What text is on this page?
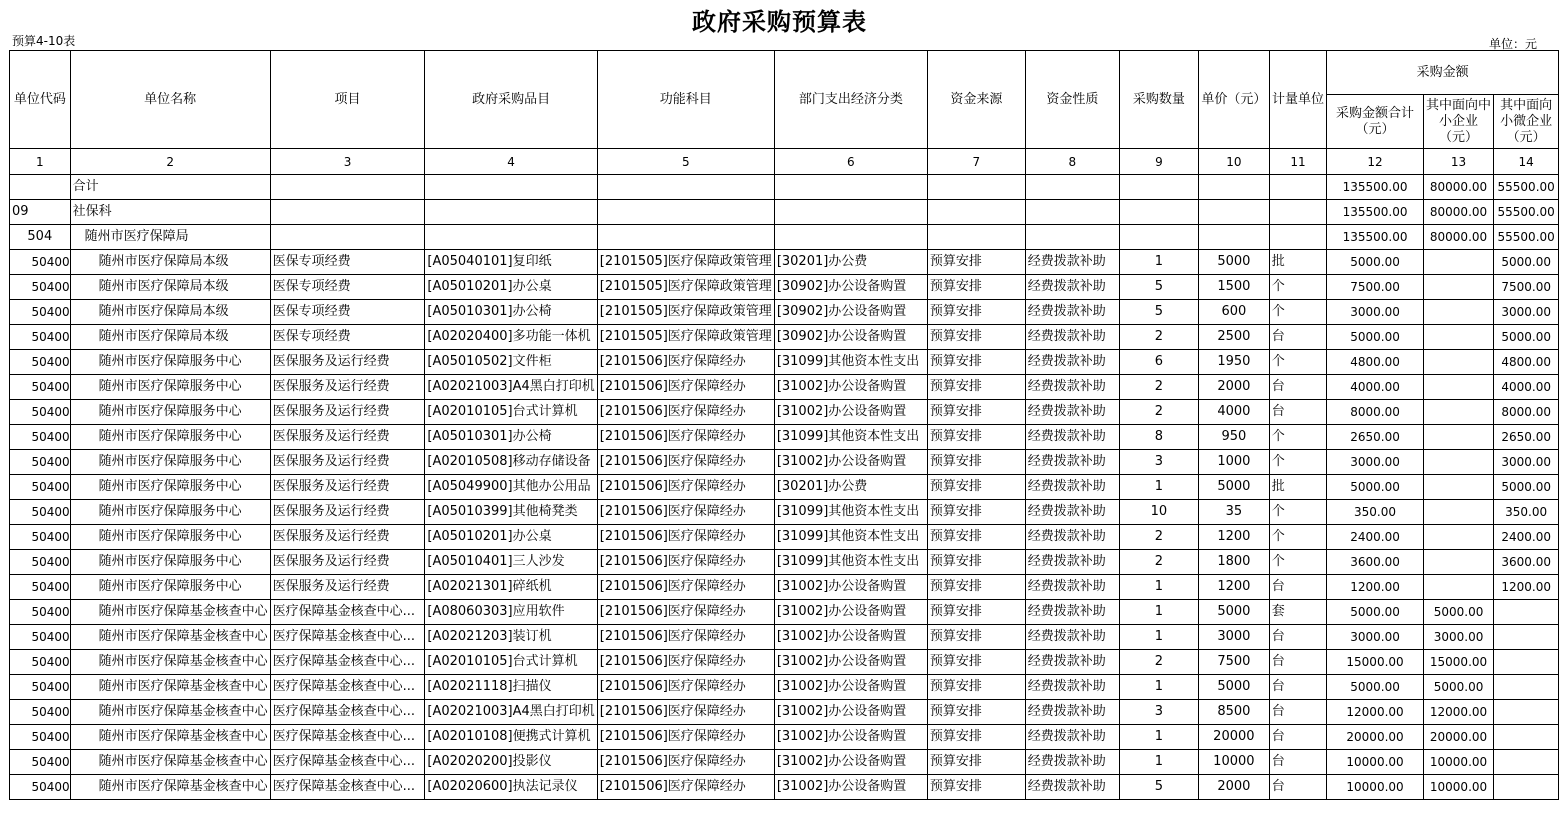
政府采购预算表
预算4-10表	单位：元
单位代码	单位名称	项目	政府采购品目	功能科目	部门支出经济分类	资金来源	资金性质	采购数量	单价（元）	计量单位	采购金额		
											采购金额合计（元）	其中面向中小企业（元）	其中面向小微企业（元）
1	2	3	4	5	6	7	8	9	10	11	12	13	14
	合计										135500.00	80000.00	55500.00
09	社保科										135500.00	80000.00	55500.00
504	随州市医疗保障局										135500.00	80000.00	55500.00
50400	随州市医疗保障局本级	医保专项经费	[A05040101]复印纸	[2101505]医疗保障政策管理	[30201]办公费	预算安排	经费拨款补助	1	5000	批	5000.00		5000.00
50400	随州市医疗保障局本级	医保专项经费	[A05010201]办公桌	[2101505]医疗保障政策管理	[30902]办公设备购置	预算安排	经费拨款补助	5	1500	个	7500.00		7500.00
50400	随州市医疗保障局本级	医保专项经费	[A05010301]办公椅	[2101505]医疗保障政策管理	[30902]办公设备购置	预算安排	经费拨款补助	5	600	个	3000.00		3000.00
50400	随州市医疗保障局本级	医保专项经费	[A02020400]多功能一体机	[2101505]医疗保障政策管理	[30902]办公设备购置	预算安排	经费拨款补助	2	2500	台	5000.00		5000.00
50400	随州市医疗保障服务中心	医保服务及运行经费	[A05010502]文件柜	[2101506]医疗保障经办	[31099]其他资本性支出	预算安排	经费拨款补助	6	1950	个	4800.00		4800.00
50400	随州市医疗保障服务中心	医保服务及运行经费	[A02021003]A4黑白打印机	[2101506]医疗保障经办	[31002]办公设备购置	预算安排	经费拨款补助	2	2000	台	4000.00		4000.00
50400	随州市医疗保障服务中心	医保服务及运行经费	[A02010105]台式计算机	[2101506]医疗保障经办	[31002]办公设备购置	预算安排	经费拨款补助	2	4000	台	8000.00		8000.00
50400	随州市医疗保障服务中心	医保服务及运行经费	[A05010301]办公椅	[2101506]医疗保障经办	[31099]其他资本性支出	预算安排	经费拨款补助	8	950	个	2650.00		2650.00
50400	随州市医疗保障服务中心	医保服务及运行经费	[A02010508]移动存储设备	[2101506]医疗保障经办	[31002]办公设备购置	预算安排	经费拨款补助	3	1000	个	3000.00		3000.00
50400	随州市医疗保障服务中心	医保服务及运行经费	[A05049900]其他办公用品	[2101506]医疗保障经办	[30201]办公费	预算安排	经费拨款补助	1	5000	批	5000.00		5000.00
50400	随州市医疗保障服务中心	医保服务及运行经费	[A05010399]其他椅凳类	[2101506]医疗保障经办	[31099]其他资本性支出	预算安排	经费拨款补助	10	35	个	350.00		350.00
50400	随州市医疗保障服务中心	医保服务及运行经费	[A05010201]办公桌	[2101506]医疗保障经办	[31099]其他资本性支出	预算安排	经费拨款补助	2	1200	个	2400.00		2400.00
50400	随州市医疗保障服务中心	医保服务及运行经费	[A05010401]三人沙发	[2101506]医疗保障经办	[31099]其他资本性支出	预算安排	经费拨款补助	2	1800	个	3600.00		3600.00
50400	随州市医疗保障服务中心	医保服务及运行经费	[A02021301]碎纸机	[2101506]医疗保障经办	[31002]办公设备购置	预算安排	经费拨款补助	1	1200	台	1200.00		1200.00
50400	随州市医疗保障基金核查中心	医疗保障基金核查中心...	[A08060303]应用软件	[2101506]医疗保障经办	[31002]办公设备购置	预算安排	经费拨款补助	1	5000	套	5000.00	5000.00	
50400	随州市医疗保障基金核查中心	医疗保障基金核查中心...	[A02021203]装订机	[2101506]医疗保障经办	[31002]办公设备购置	预算安排	经费拨款补助	1	3000	台	3000.00	3000.00	
50400	随州市医疗保障基金核查中心	医疗保障基金核查中心...	[A02010105]台式计算机	[2101506]医疗保障经办	[31002]办公设备购置	预算安排	经费拨款补助	2	7500	台	15000.00	15000.00	
50400	随州市医疗保障基金核查中心	医疗保障基金核查中心...	[A02021118]扫描仪	[2101506]医疗保障经办	[31002]办公设备购置	预算安排	经费拨款补助	1	5000	台	5000.00	5000.00	
50400	随州市医疗保障基金核查中心	医疗保障基金核查中心...	[A02021003]A4黑白打印机	[2101506]医疗保障经办	[31002]办公设备购置	预算安排	经费拨款补助	3	8500	台	12000.00	12000.00	
50400	随州市医疗保障基金核查中心	医疗保障基金核查中心...	[A02010108]便携式计算机	[2101506]医疗保障经办	[31002]办公设备购置	预算安排	经费拨款补助	1	20000	台	20000.00	20000.00	
50400	随州市医疗保障基金核查中心	医疗保障基金核查中心...	[A02020200]投影仪	[2101506]医疗保障经办	[31002]办公设备购置	预算安排	经费拨款补助	1	10000	台	10000.00	10000.00	
50400	随州市医疗保障基金核查中心	医疗保障基金核查中心...	[A02020600]执法记录仪	[2101506]医疗保障经办	[31002]办公设备购置	预算安排	经费拨款补助	5	2000	台	10000.00	10000.00	
